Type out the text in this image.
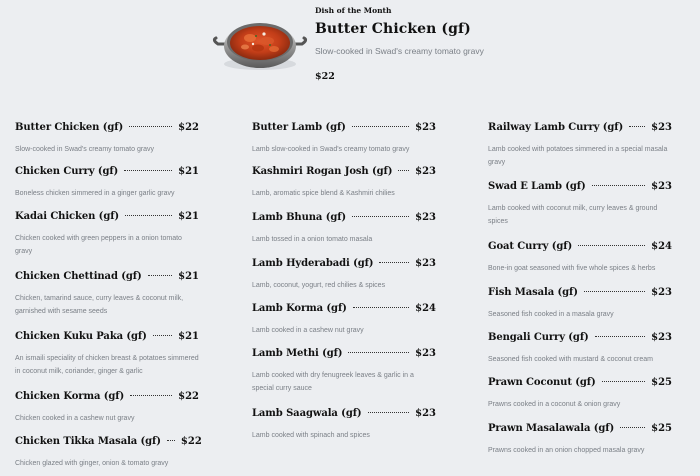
Dish of the Month
Butter Chicken (gf)
Slow-cooked in Swad's creamy tomato gravy
$22
Butter Chicken (gf)	$22
Slow-cooked in Swad's creamy tomato gravy
Chicken Curry (gf)	$21
Boneless chicken simmered in a ginger garlic gravy
Kadai Chicken (gf)	$21
Chicken cooked with green peppers in a onion tomato gravy
Chicken Chettinad (gf)	$21
Chicken, tamarind sauce, curry leaves & coconut milk, garnished with sesame seeds
Chicken Kuku Paka (gf)	$21
An ismaili speciality of chicken breast & potatoes simmered in coconut milk, coriander, ginger & garlic
Chicken Korma (gf)	$22
Chicken cooked in a cashew nut gravy
Chicken Tikka Masala (gf) $22
Chicken glazed with ginger, onion & tomato gravy
Butter Lamb (gf)	$23
Lamb slow-cooked in Swad's creamy tomato gravy
Kashmiri Rogan Josh (gf) $23
Lamb, aromatic spice blend & Kashmiri chilies
Lamb Bhuna (gf)	$23
Lamb tossed in a onion tomato masala
Lamb Hyderabadi (gf)	$23
Lamb, coconut, yogurt, red chilies & spices
Lamb Korma (gf)	$24
Lamb cooked in a cashew nut gravy
Lamb Methi (gf)	$23
Lamb cooked with dry fenugreek leaves & garlic in a special curry sauce
Lamb Saagwala (gf)	$23
Lamb cooked with spinach and spices
Railway Lamb Curry (gf)	$23
Lamb cooked with potatoes simmered in a special masala gravy
Swad E Lamb (gf)	$23
Lamb cooked with coconut milk, curry leaves & ground spices
Goat Curry (gf)	$24
Bone-in goat seasoned with five whole spices & herbs
Fish Masala (gf)	$23
Seasoned fish cooked in a masala gravy
Bengali Curry (gf)	$23
Seasoned fish cooked with mustard & coconut cream
Prawn Coconut (gf)	$25
Prawns cooked in a coconut & onion gravy
Prawn Masalawala (gf)	$25
Prawns cooked in an onion chopped masala gravy
